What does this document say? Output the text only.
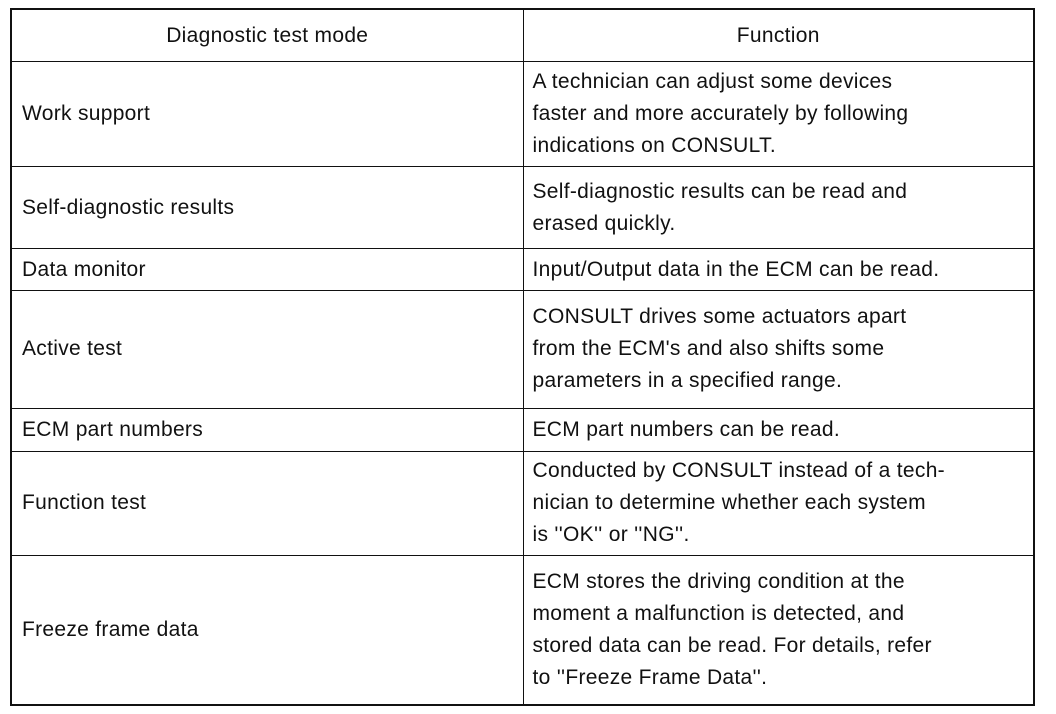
Diagnostic test mode	Function
Work support	A technician can adjust some devices
faster and more accurately by following
indications on CONSULT.

Self-diagnostic results	Self-diagnostic results can be read and
erased quickly.

Data monitor	Input/Output data in the ECM can be read.

Active test	CONSULT drives some actuators apart
from the ECM's and also shifts some
parameters in a specified range.

ECM part numbers	ECM part numbers can be read.

Function test	Conducted by CONSULT instead of a tech-
nician to determine whether each system
is ''OK'' or ''NG''.

Freeze frame data	ECM stores the driving condition at the
moment a malfunction is detected, and
stored data can be read. For details, refer
to ''Freeze Frame Data''.
